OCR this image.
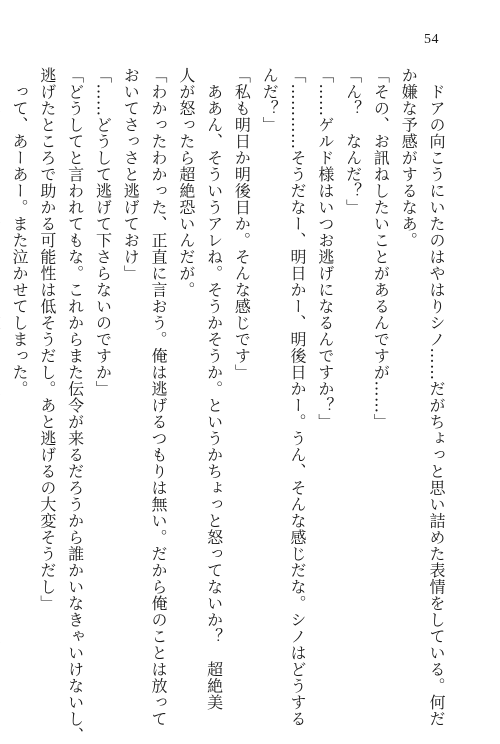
54
　ドアの向こうにいたのはやはりシノ……だがちょっと思い詰めた表情をしている。何だ
か嫌な予感がするなあ。
「その、お訊ねしたいことがあるんですが……」
「ん？　なんだ？」
「……ゲルド様はいつお逃げになるんですか？」
「…………そうだなー、明日かー、明後日かー。うん、そんな感じだな。シノはどうする
んだ？」
「私も明日か明後日か。そんな感じです」
　ああん、そういうアレね。そうかそうか。というかちょっと怒ってないか？　超絶美
人が怒ったら超絶恐いんだが。
「わかったわかった、正直に言おう。俺は逃げるつもりは無い。だから俺のことは放って
おいてさっさと逃げておけ」
「……どうして逃げて下さらないのですか」
「どうしてと言われてもな。これからまた伝令が来るだろうから誰かいなきゃいけないし、
逃げたところで助かる可能性は低そうだし。あと逃げるの大変そうだし」
　って、あーあー。また泣かせてしまった。
